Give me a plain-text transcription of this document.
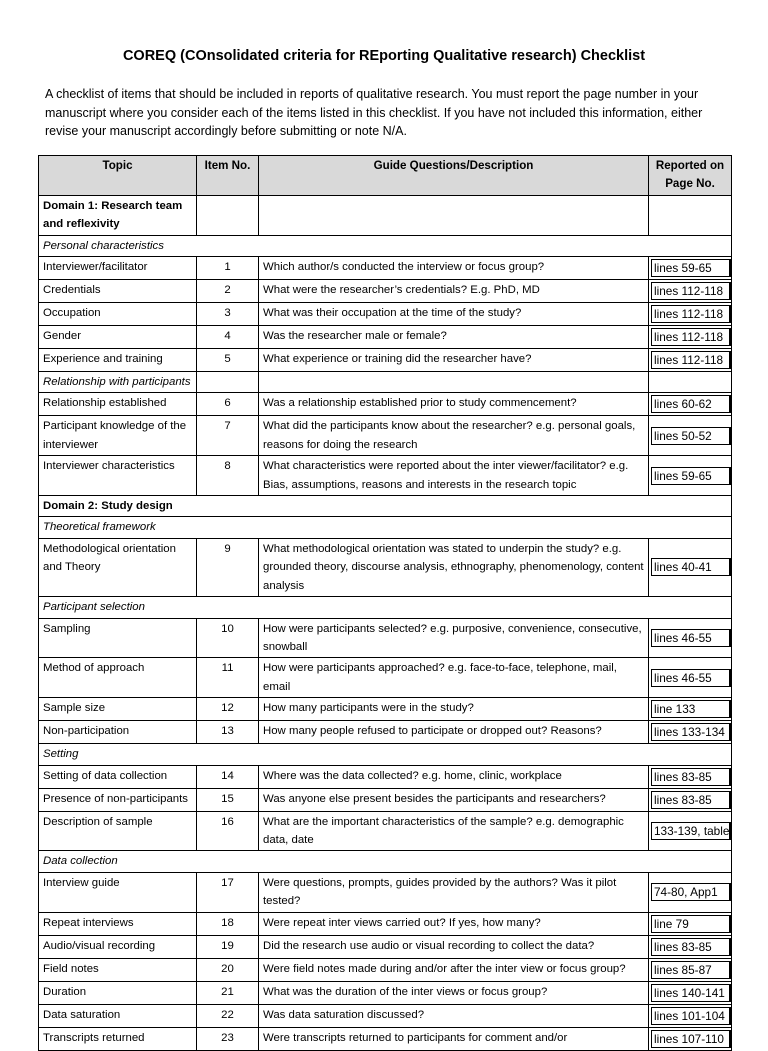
COREQ (COnsolidated criteria for REporting Qualitative research) Checklist
A checklist of items that should be included in reports of qualitative research. You must report the page number in your manuscript where you consider each of the items listed in this checklist. If you have not included this information, either revise your manuscript accordingly before submitting or note N/A.
Topic	Item No.	Guide Questions/Description	Reported on Page No.
Domain 1: Research team and reflexivity			
Personal characteristics			
Interviewer/facilitator	1	Which author/s conducted the interview or focus group?	lines 59-65

Credentials	2	What were the researcher’s credentials? E.g. PhD, MD	lines 112-118

Occupation	3	What was their occupation at the time of the study?	lines 112-118

Gender	4	Was the researcher male or female?	lines 112-118

Experience and training	5	What experience or training did the researcher have?	lines 112-118

Relationship with participants			
Relationship established	6	Was a relationship established prior to study commencement?	lines 60-62

Participant knowledge of the interviewer	7	What did the participants know about the researcher? e.g. personal goals, reasons for doing the research	lines 50-52

Interviewer characteristics	8	What characteristics were reported about the inter viewer/facilitator? e.g. Bias, assumptions, reasons and interests in the research topic	lines 59-65

Domain 2: Study design			
Theoretical framework			
Methodological orientation and Theory	9	What methodological orientation was stated to underpin the study? e.g. grounded theory, discourse analysis, ethnography, phenomenology, content analysis	lines 40-41

Participant selection			
Sampling	10	How were participants selected? e.g. purposive, convenience, consecutive, snowball	lines 46-55

Method of approach	11	How were participants approached? e.g. face-to-face, telephone, mail, email	lines 46-55

Sample size	12	How many participants were in the study?	line 133

Non-participation	13	How many people refused to participate or dropped out? Reasons?	lines 133-134

Setting			
Setting of data collection	14	Where was the data collected? e.g. home, clinic, workplace	lines 83-85

Presence of non-participants	15	Was anyone else present besides the participants and researchers?	lines 83-85

Description of sample	16	What are the important characteristics of the sample? e.g. demographic data, date	133-139, table

Data collection			
Interview guide	17	Were questions, prompts, guides provided by the authors? Was it pilot tested?	74-80, App1

Repeat interviews	18	Were repeat inter views carried out? If yes, how many?	line 79

Audio/visual recording	19	Did the research use audio or visual recording to collect the data?	lines 83-85

Field notes	20	Were field notes made during and/or after the inter view or focus group?	lines 85-87

Duration	21	What was the duration of the inter views or focus group?	lines 140-141

Data saturation	22	Was data saturation discussed?	lines 101-104

Transcripts returned	23	Were transcripts returned to participants for comment and/or	lines 107-110
